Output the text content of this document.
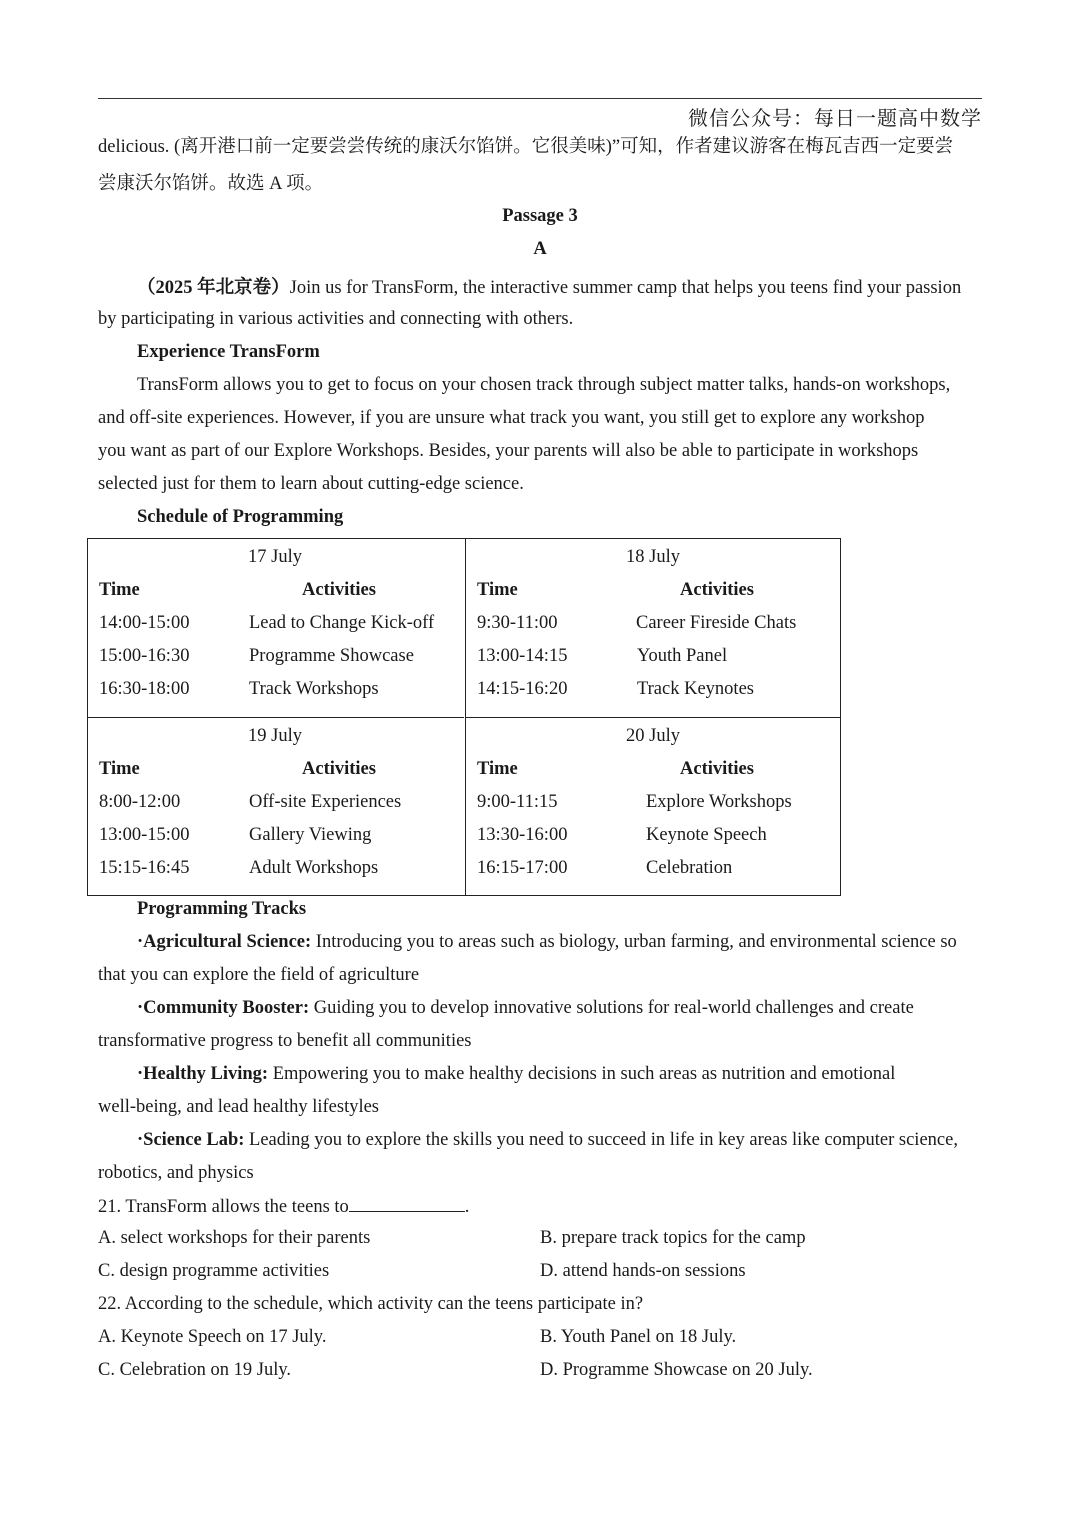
微信公众号：每日一题高中数学
delicious. (离开港口前一定要尝尝传统的康沃尔馅饼。它很美味)”可知，作者建议游客在梅瓦吉西一定要尝
尝康沃尔馅饼。故选 A 项。
Passage 3
A
（2025 年北京卷）Join us for TransForm, the interactive summer camp that helps you teens find your passion
by participating in various activities and connecting with others.
Experience TransForm
TransForm allows you to get to focus on your chosen track through subject matter talks, hands-on workshops,
and off-site experiences. However, if you are unsure what track you want, you still get to explore any workshop
you want as part of our Explore Workshops. Besides, your parents will also be able to participate in workshops
selected just for them to learn about cutting-edge science.
Schedule of Programming
17 July
Time	Activities
14:00-15:00	Lead to Change Kick-off
15:00-16:30	Programme Showcase
16:30-18:00	Track Workshops
18 July
Time	Activities
9:30-11:00	Career Fireside Chats
13:00-14:15	Youth Panel
14:15-16:20	Track Keynotes
19 July
Time	Activities
8:00-12:00	Off-site Experiences
13:00-15:00	Gallery Viewing
15:15-16:45	Adult Workshops
20 July
Time	Activities
9:00-11:15	Explore Workshops
13:30-16:00	Keynote Speech
16:15-17:00	Celebration
Programming Tracks
·Agricultural Science: Introducing you to areas such as biology, urban farming, and environmental science so
that you can explore the field of agriculture
·Community Booster: Guiding you to develop innovative solutions for real-world challenges and create
transformative progress to benefit all communities
·Healthy Living: Empowering you to make healthy decisions in such areas as nutrition and emotional
well-being, and lead healthy lifestyles
·Science Lab: Leading you to explore the skills you need to succeed in life in key areas like computer science,
robotics, and physics
21. TransForm allows the teens to	.
A. select workshops for their parents	B. prepare track topics for the camp
C. design programme activities	D. attend hands-on sessions
22. According to the schedule, which activity can the teens participate in?
A. Keynote Speech on 17 July.	B. Youth Panel on 18 July.
C. Celebration on 19 July.	D. Programme Showcase on 20 July.
